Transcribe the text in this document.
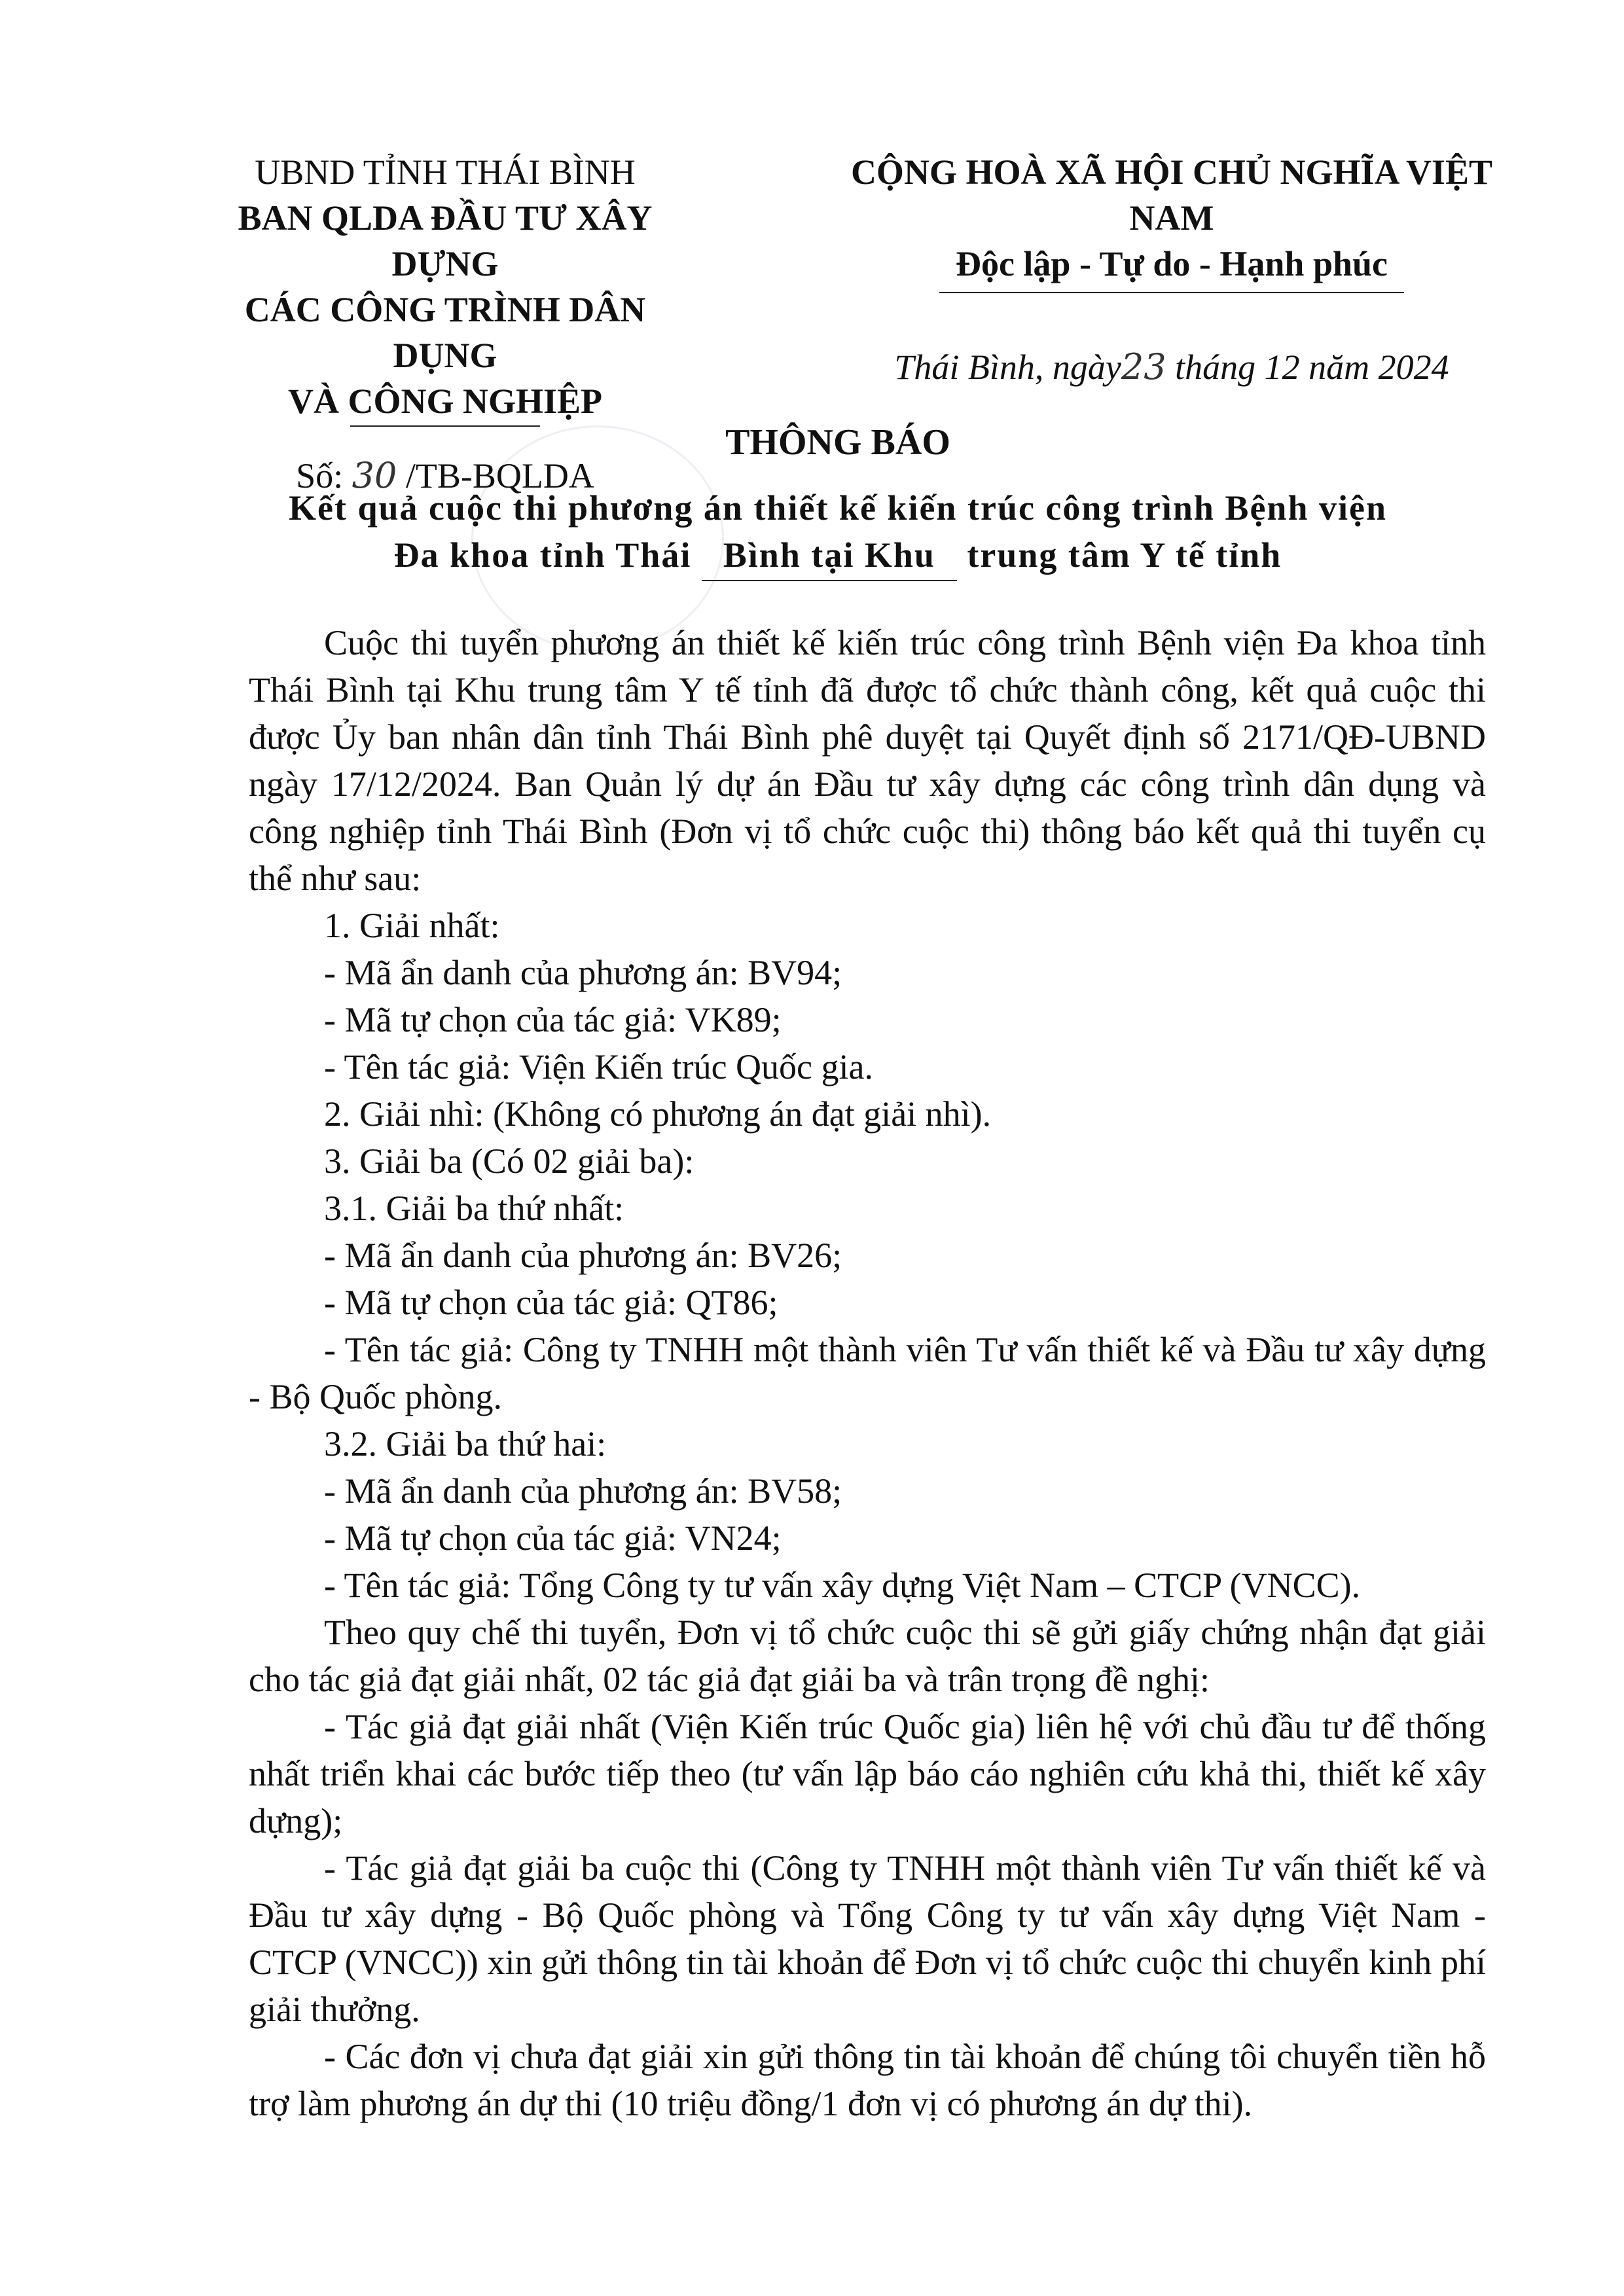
UBND TỈNH THÁI BÌNH
BAN QLDA ĐẦU TƯ XÂY DỰNG
CÁC CÔNG TRÌNH DÂN DỤNG
VÀ CÔNG NGHIỆP
Số: 30 /TB-BQLDA
CỘNG HOÀ XÃ HỘI CHỦ NGHĨA VIỆT NAM
Độc lập - Tự do - Hạnh phúc
Thái Bình, ngày23 tháng 12 năm 2024
THÔNG BÁO
Kết quả cuộc thi phương án thiết kế kiến trúc công trình Bệnh viện
Đa khoa tỉnh Thái Bình tại Khu
trung tâm Y tế tỉnh

Cuộc thi tuyển phương án thiết kế kiến trúc công trình Bệnh viện Đa khoa tỉnh Thái Bình tại Khu trung tâm Y tế tỉnh đã được tổ chức thành công, kết quả cuộc thi được Ủy ban nhân dân tỉnh Thái Bình phê duyệt tại Quyết định số 2171/QĐ-UBND ngày 17/12/2024. Ban Quản lý dự án Đầu tư xây dựng các công trình dân dụng và công nghiệp tỉnh Thái Bình (Đơn vị tổ chức cuộc thi) thông báo kết quả thi tuyển cụ thể như sau:

1. Giải nhất:

- Mã ẩn danh của phương án: BV94;

- Mã tự chọn của tác giả: VK89;

- Tên tác giả: Viện Kiến trúc Quốc gia.

2. Giải nhì: (Không có phương án đạt giải nhì).

3. Giải ba (Có 02 giải ba):

3.1. Giải ba thứ nhất:

- Mã ẩn danh của phương án: BV26;

- Mã tự chọn của tác giả: QT86;

- Tên tác giả: Công ty TNHH một thành viên Tư vấn thiết kế và Đầu tư xây dựng - Bộ Quốc phòng.

3.2. Giải ba thứ hai:

- Mã ẩn danh của phương án: BV58;

- Mã tự chọn của tác giả: VN24;

- Tên tác giả: Tổng Công ty tư vấn xây dựng Việt Nam – CTCP (VNCC).

Theo quy chế thi tuyển, Đơn vị tổ chức cuộc thi sẽ gửi giấy chứng nhận đạt giải cho tác giả đạt giải nhất, 02 tác giả đạt giải ba và trân trọng đề nghị:

- Tác giả đạt giải nhất (Viện Kiến trúc Quốc gia) liên hệ với chủ đầu tư để thống nhất triển khai các bước tiếp theo (tư vấn lập báo cáo nghiên cứu khả thi, thiết kế xây dựng);

- Tác giả đạt giải ba cuộc thi (Công ty TNHH một thành viên Tư vấn thiết kế và Đầu tư xây dựng - Bộ Quốc phòng và Tổng Công ty tư vấn xây dựng Việt Nam - CTCP (VNCC)) xin gửi thông tin tài khoản để Đơn vị tổ chức cuộc thi chuyển kinh phí giải thưởng.

- Các đơn vị chưa đạt giải xin gửi thông tin tài khoản để chúng tôi chuyển tiền hỗ trợ làm phương án dự thi (10 triệu đồng/1 đơn vị có phương án dự thi).
